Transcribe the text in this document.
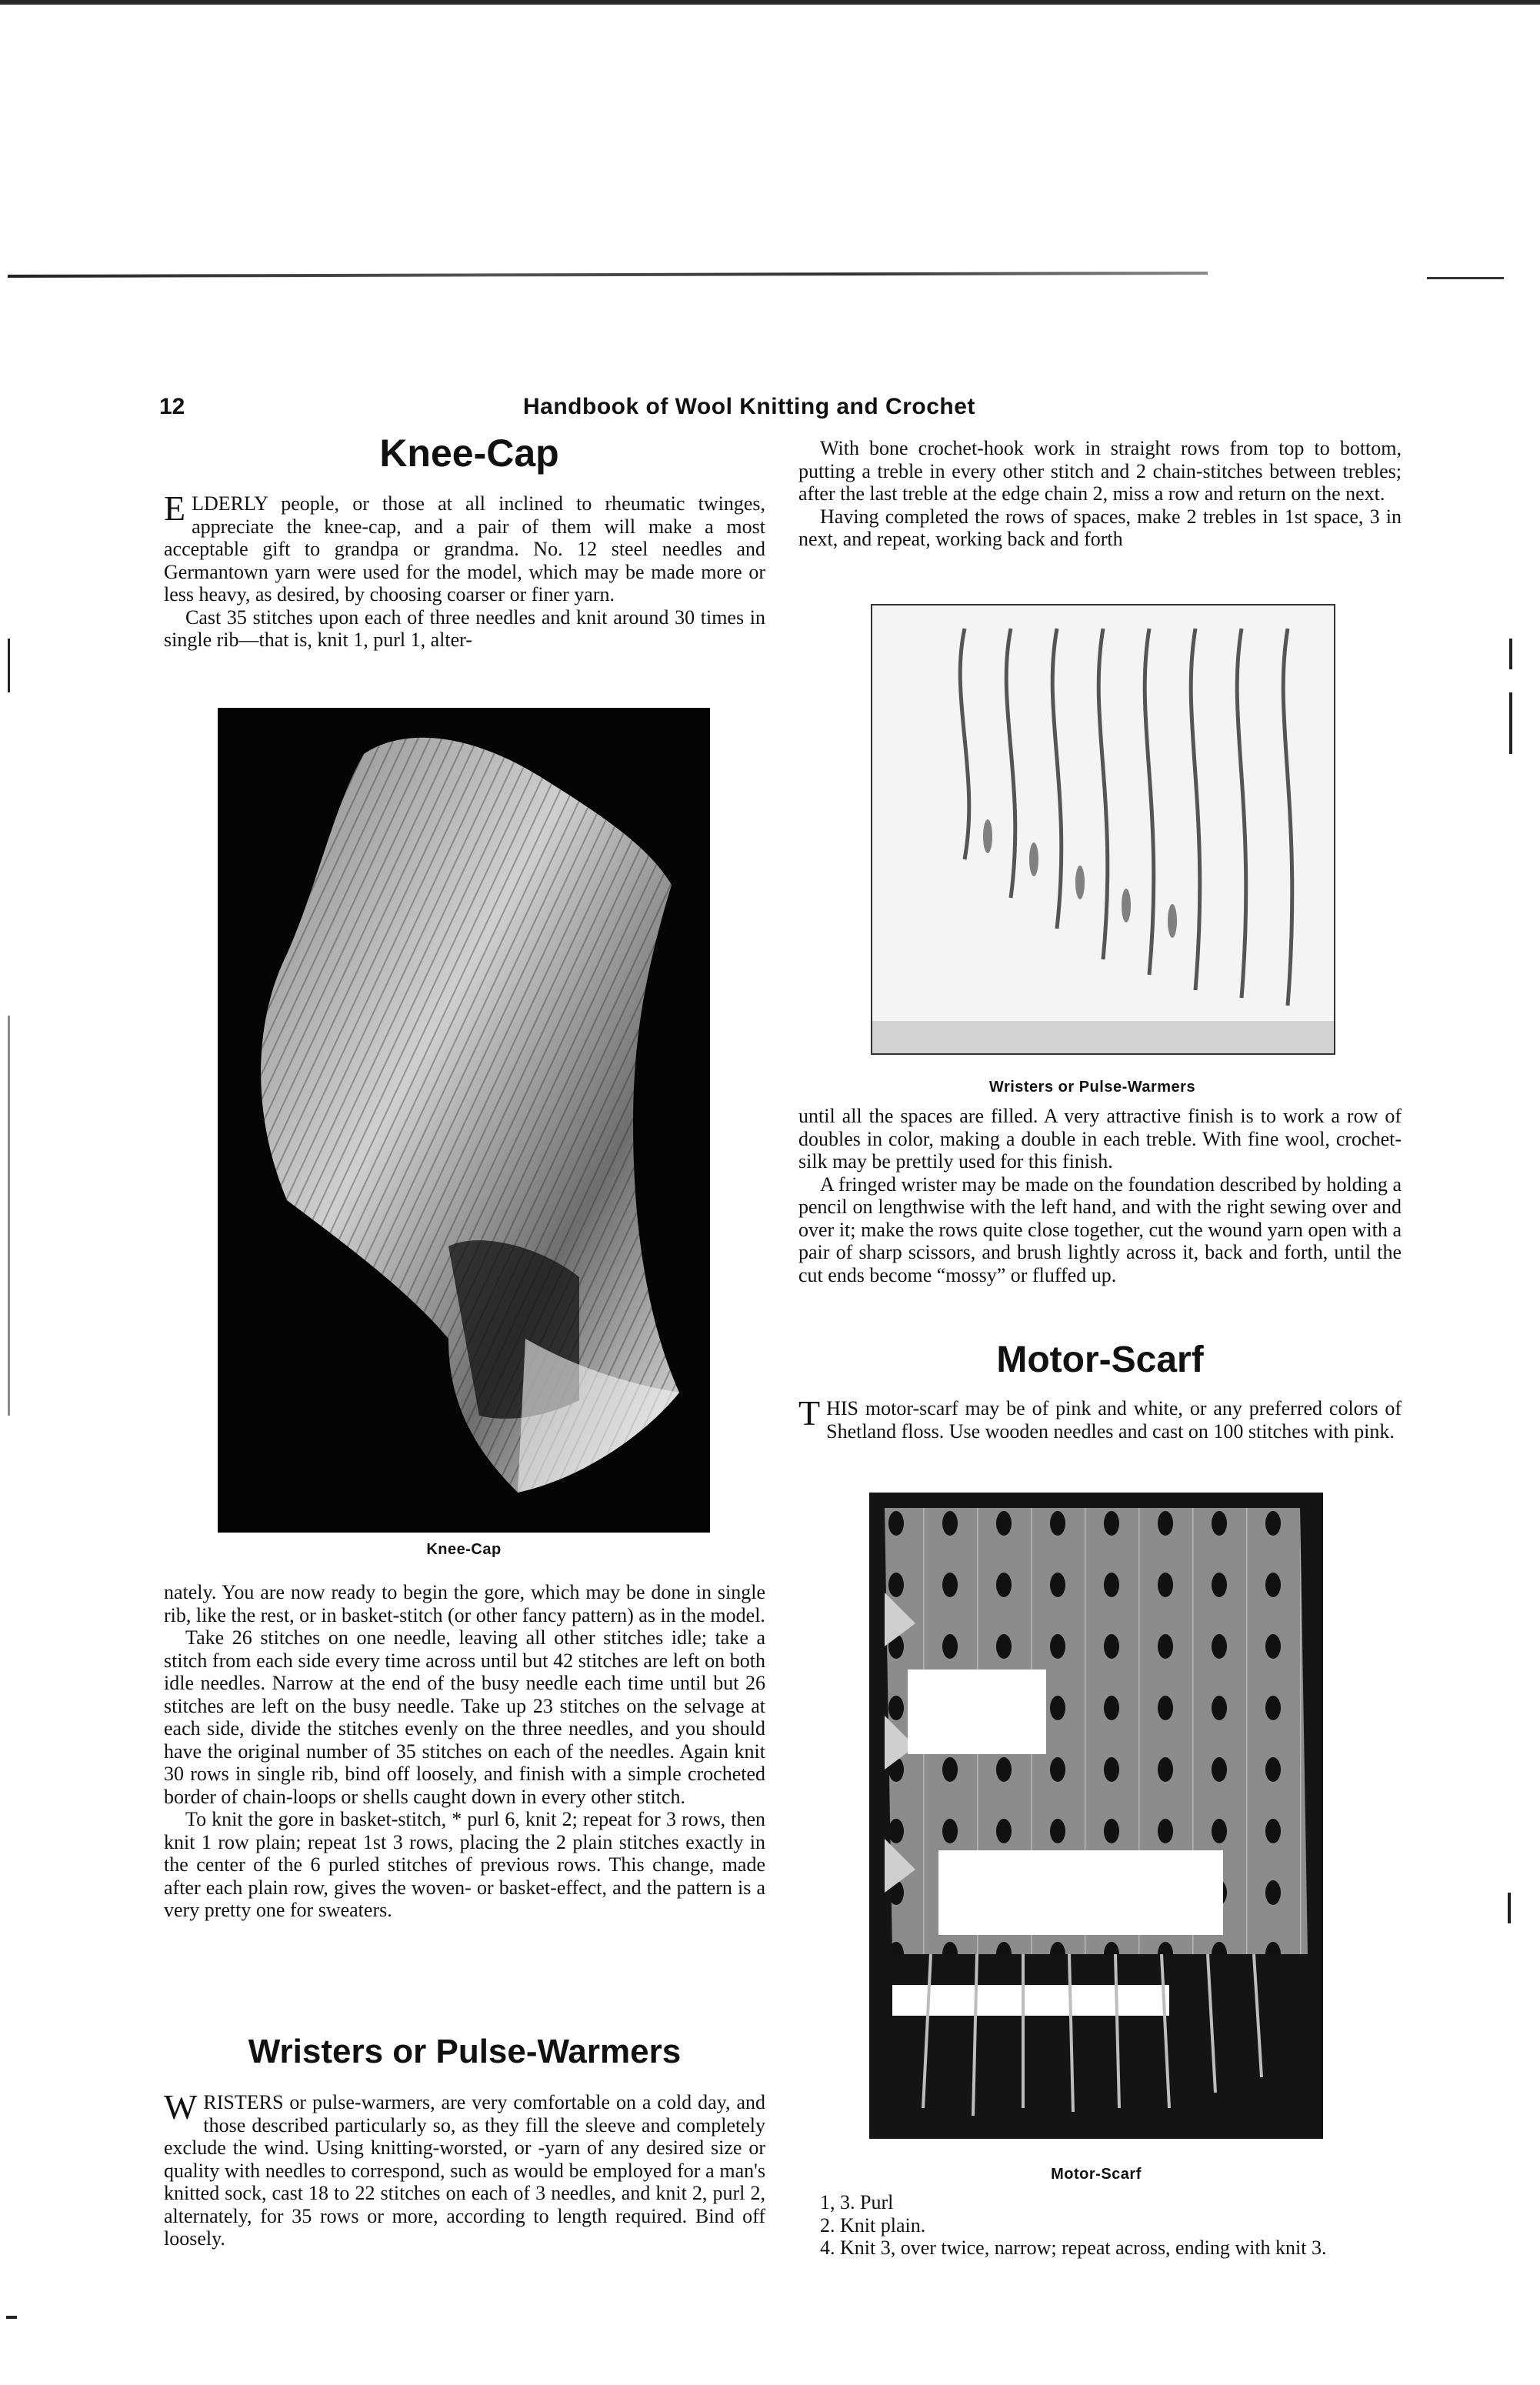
12	Handbook of Wool Knitting and Crochet
Knee-Cap

ELDERLY people, or those at all inclined to rheumatic twinges, appreciate the knee-cap, and a pair of them will make a most acceptable gift to grandpa or grandma. No. 12 steel needles and Germantown yarn were used for the model, which may be made more or less heavy, as desired, by choosing coarser or finer yarn.

Cast 35 stitches upon each of three needles and knit around 30 times in single rib—that is, knit 1, purl 1, alter-

Knee-Cap

nately. You are now ready to begin the gore, which may be done in single rib, like the rest, or in basket-stitch (or other fancy pattern) as in the model.

Take 26 stitches on one needle, leaving all other stitches idle; take a stitch from each side every time across until but 42 stitches are left on both idle needles. Narrow at the end of the busy needle each time until but 26 stitches are left on the busy needle. Take up 23 stitches on the selvage at each side, divide the stitches evenly on the three needles, and you should have the original number of 35 stitches on each of the needles. Again knit 30 rows in single rib, bind off loosely, and finish with a simple crocheted border of chain-loops or shells caught down in every other stitch.

To knit the gore in basket-stitch, * purl 6, knit 2; repeat for 3 rows, then knit 1 row plain; repeat 1st 3 rows, placing the 2 plain stitches exactly in the center of the 6 purled stitches of previous rows. This change, made after each plain row, gives the woven- or basket-effect, and the pattern is a very pretty one for sweaters.

Wristers or Pulse-Warmers

WRISTERS or pulse-warmers, are very comfortable on a cold day, and those described particularly so, as they fill the sleeve and completely exclude the wind. Using knitting-worsted, or -yarn of any desired size or quality with needles to correspond, such as would be employed for a man's knitted sock, cast 18 to 22 stitches on each of 3 needles, and knit 2, purl 2, alternately, for 35 rows or more, according to length required. Bind off loosely.

With bone crochet-hook work in straight rows from top to bottom, putting a treble in every other stitch and 2 chain-stitches between trebles; after the last treble at the edge chain 2, miss a row and return on the next.

Having completed the rows of spaces, make 2 trebles in 1st space, 3 in next, and repeat, working back and forth

Wristers or Pulse-Warmers

until all the spaces are filled. A very attractive finish is to work a row of doubles in color, making a double in each treble. With fine wool, crochet-silk may be prettily used for this finish.

A fringed wrister may be made on the foundation described by holding a pencil on lengthwise with the left hand, and with the right sewing over and over it; make the rows quite close together, cut the wound yarn open with a pair of sharp scissors, and brush lightly across it, back and forth, until the cut ends become “mossy” or fluffed up.

Motor-Scarf

THIS motor-scarf may be of pink and white, or any preferred colors of Shetland floss. Use wooden needles and cast on 100 stitches with pink.

Motor-Scarf

1, 3. Purl

2. Knit plain.

4. Knit 3, over twice, narrow; repeat across, ending with knit 3.
